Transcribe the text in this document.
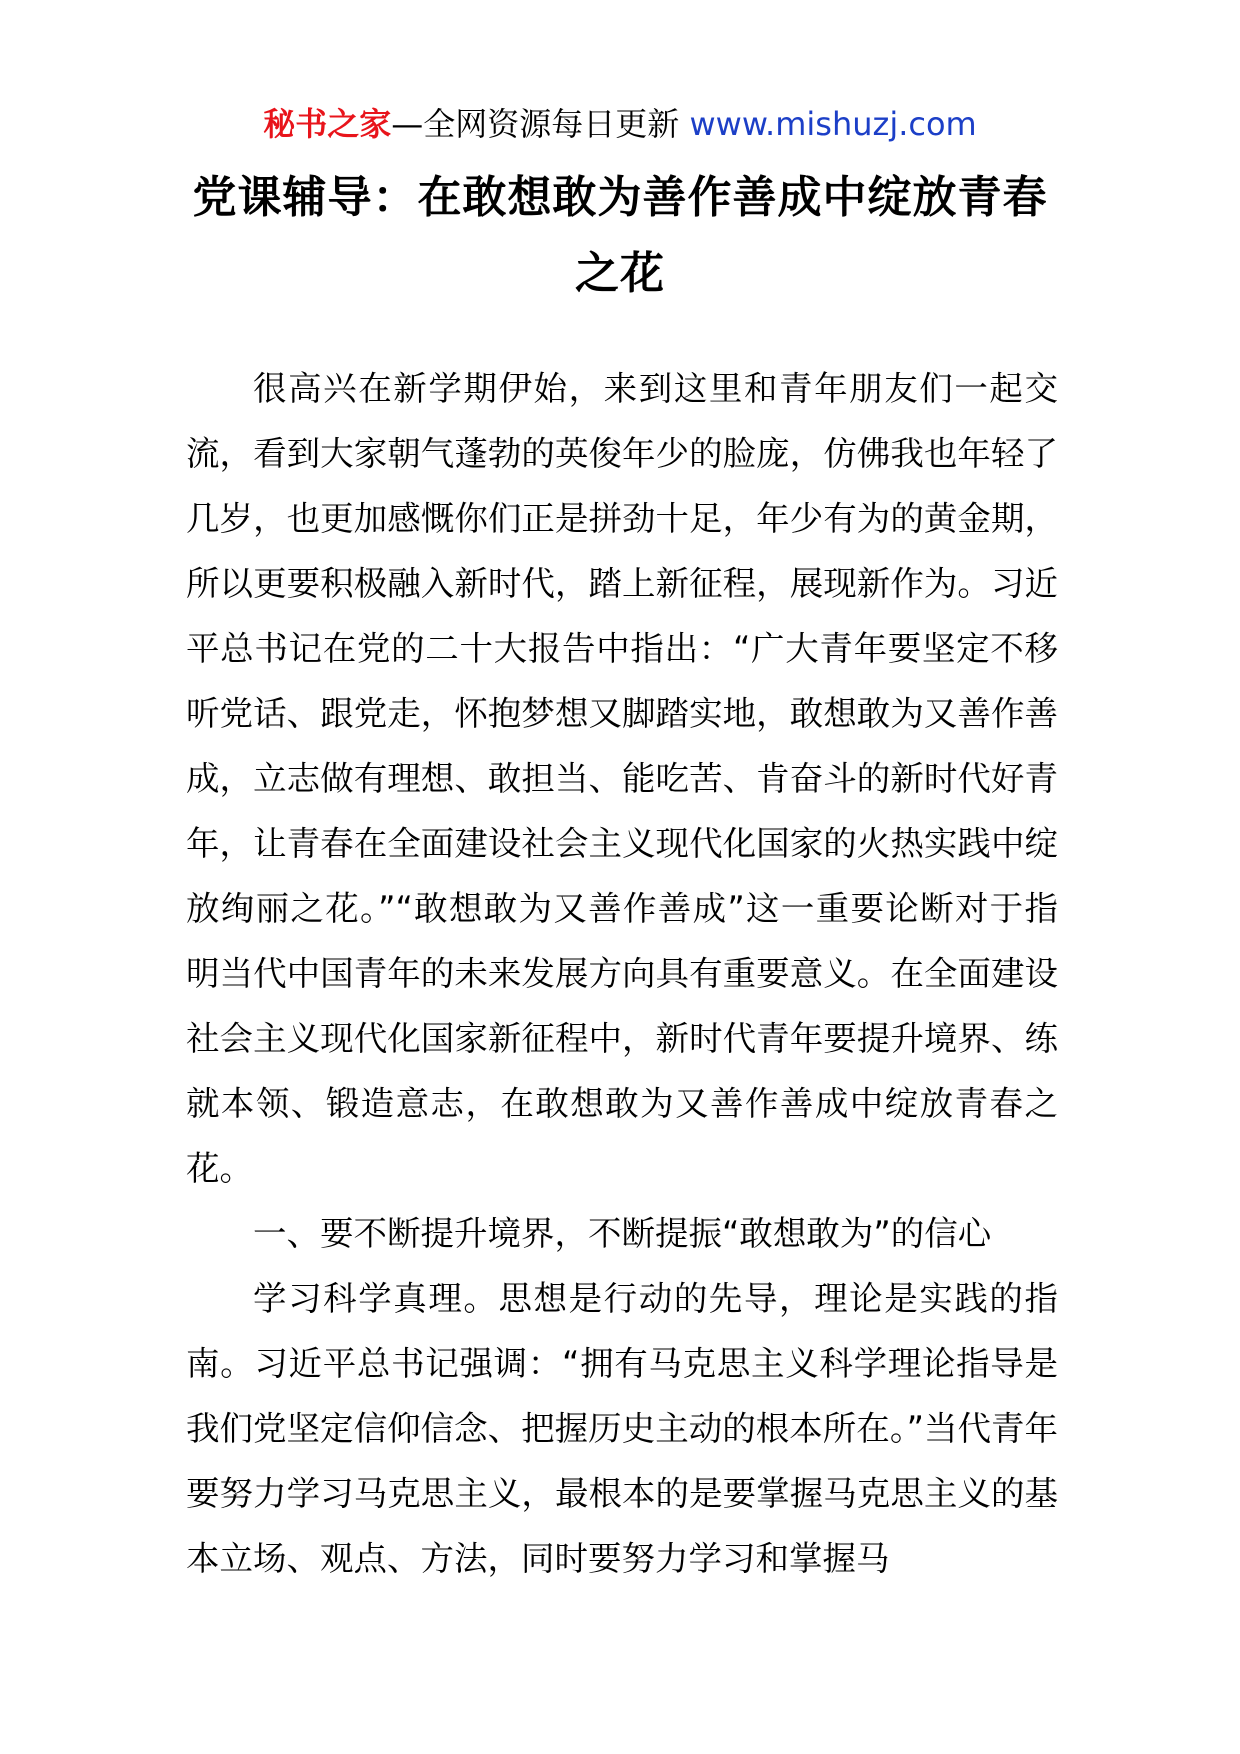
秘书之家—全网资源每日更新 www.mishuzj.com
党课辅导：在敢想敢为善作善成中绽放青春之花

很高兴在新学期伊始，来到这里和青年朋友们一起交流，看到大家朝气蓬勃的英俊年少的脸庞，仿佛我也年轻了几岁，也更加感慨你们正是拼劲十足，年少有为的黄金期，所以更要积极融入新时代，踏上新征程，展现新作为。习近平总书记在党的二十大报告中指出：“广大青年要坚定不移听党话、跟党走，怀抱梦想又脚踏实地，敢想敢为又善作善成，立志做有理想、敢担当、能吃苦、肯奋斗的新时代好青年，让青春在全面建设社会主义现代化国家的火热实践中绽放绚丽之花。”“敢想敢为又善作善成”这一重要论断对于指明当代中国青年的未来发展方向具有重要意义。在全面建设社会主义现代化国家新征程中，新时代青年要提升境界、练就本领、锻造意志，在敢想敢为又善作善成中绽放青春之花。

一、要不断提升境界，不断提振“敢想敢为”的信心

学习科学真理。思想是行动的先导，理论是实践的指南。习近平总书记强调：“拥有马克思主义科学理论指导是我们党坚定信仰信念、把握历史主动的根本所在。”当代青年要努力学习马克思主义，最根本的是要掌握马克思主义的基本立场、观点、方法，同时要努力学习和掌握马
